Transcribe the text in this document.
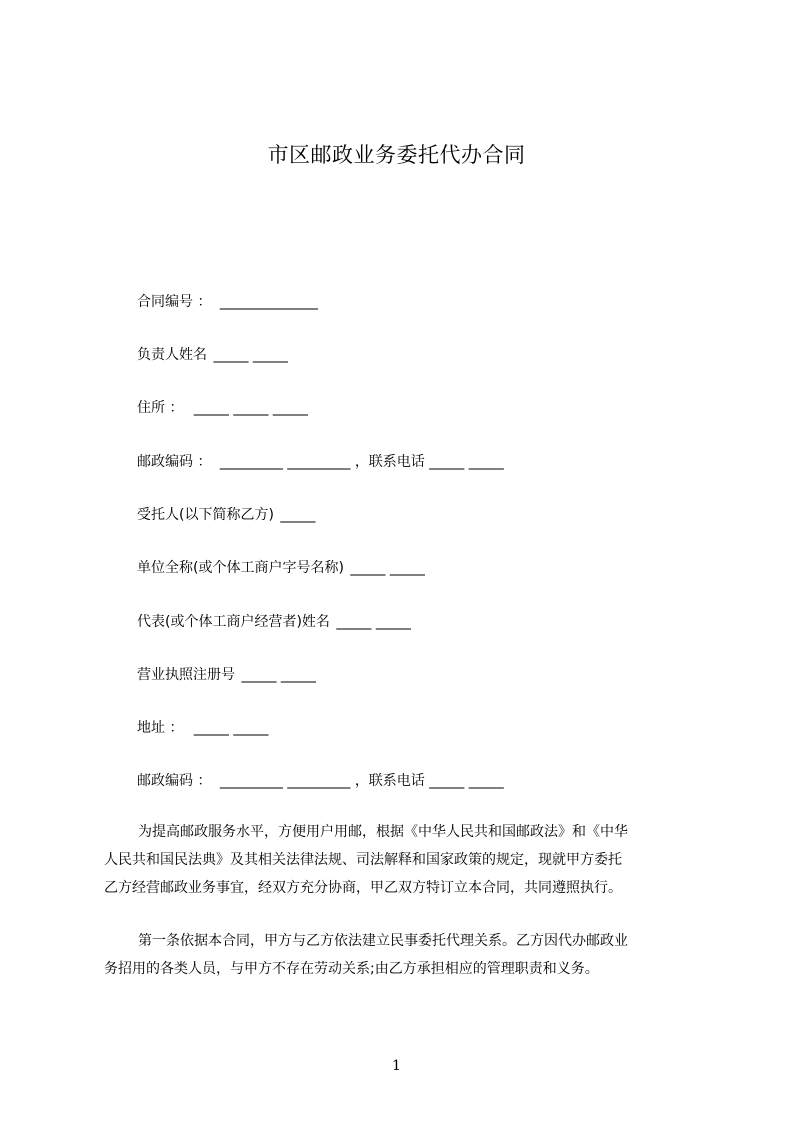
市区邮政业务委托代办合同
合同编号 ： ______________
负责人姓名 _____ _____
住所 ： _____ _____ _____
邮政编码 ： _________ _________ ，联系电话 _____ _____
受托人(以下简称乙方) _____
单位全称(或个体工商户字号名称) _____ _____
代表(或个体工商户经营者)姓名 _____ _____
营业执照注册号 _____ _____
地址 ： _____ _____
邮政编码 ： _________ _________ ，联系电话 _____ _____
为提高邮政服务水平，方便用户用邮，根据《中华人民共和国邮政法》和《中华
人民共和国民法典》及其相关法律法规、司法解释和国家政策的规定，现就甲方委托
乙方经营邮政业务事宜，经双方充分协商，甲乙双方特订立本合同，共同遵照执行。
第一条依据本合同，甲方与乙方依法建立民事委托代理关系。乙方因代办邮政业
务招用的各类人员，与甲方不存在劳动关系;由乙方承担相应的管理职责和义务。
1
